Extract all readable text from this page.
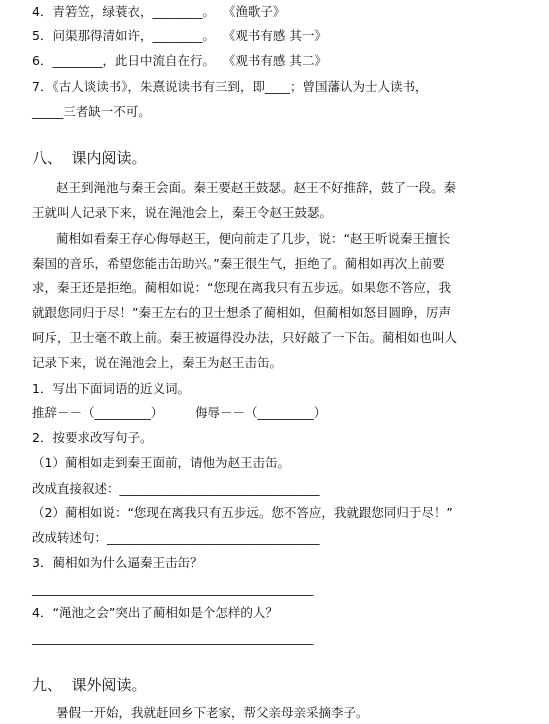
4．青箬笠，绿蓑衣，________。  《渔歌子》
5．问渠那得清如许，________。  《观书有感 其一》
6．________，此日中流自在行。  《观书有感 其二》
7．《古人谈读书》，朱熹说读书有三到，即____；曾国藩认为士人读书，
_____三者缺一不可。
八、  课内阅读。
赵王到渑池与秦王会面。秦王要赵王鼓瑟。赵王不好推辞，鼓了一段。秦
王就叫人记录下来，说在渑池会上，秦王令赵王鼓瑟。
蔺相如看秦王存心侮辱赵王，便向前走了几步，说：“赵王听说秦王擅长
秦国的音乐，希望您能击缶助兴。”秦王很生气，拒绝了。蔺相如再次上前要
求，秦王还是拒绝。蔺相如说：“您现在离我只有五步远。如果您不答应，我
就跟您同归于尽！”秦王左右的卫士想杀了蔺相如，但蔺相如怒目圆睁，厉声
呵斥，卫士毫不敢上前。秦王被逼得没办法，只好敲了一下缶。蔺相如也叫人
记录下来，说在渑池会上，秦王为赵王击缶。
1．写出下面词语的近义词。
推辞－－（_________）        侮辱－－（_________）
2．按要求改写句子。
（1）蔺相如走到秦王面前，请他为赵王击缶。
改成直接叙述：________________________________
（2）蔺相如说：“您现在离我只有五步远。您不答应，我就跟您同归于尽！”
改成转述句：__________________________________
3．蔺相如为什么逼秦王击缶？
_____________________________________________
4．“渑池之会”突出了蔺相如是个怎样的人？
_____________________________________________
九、  课外阅读。
暑假一开始，我就赶回乡下老家，帮父亲母亲采摘李子。
